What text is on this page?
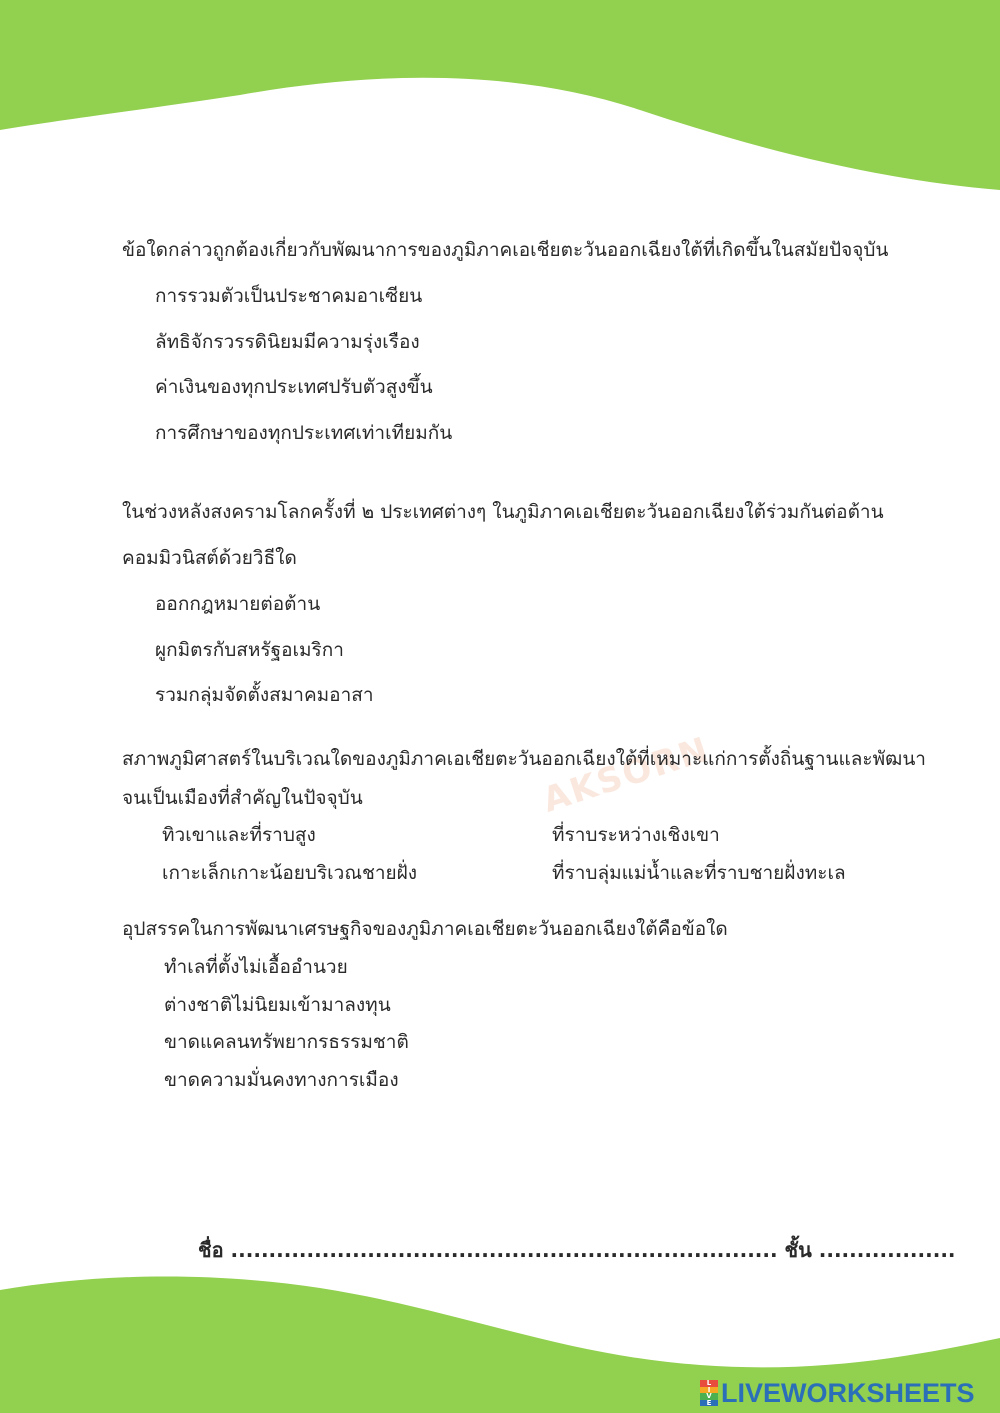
AKSORN
ข้อใดกล่าวถูกต้องเกี่ยวกับพัฒนาการของภูมิภาคเอเชียตะวันออกเฉียงใต้ที่เกิดขึ้นในสมัยปัจจุบัน
การรวมตัวเป็นประชาคมอาเซียน
ลัทธิจักรวรรดินิยมมีความรุ่งเรือง
ค่าเงินของทุกประเทศปรับตัวสูงขึ้น
การศึกษาของทุกประเทศเท่าเทียมกัน
ในช่วงหลังสงครามโลกครั้งที่ ๒ ประเทศต่างๆ ในภูมิภาคเอเชียตะวันออกเฉียงใต้ร่วมกันต่อต้าน
คอมมิวนิสต์ด้วยวิธีใด
ออกกฎหมายต่อต้าน
ผูกมิตรกับสหรัฐอเมริกา
รวมกลุ่มจัดตั้งสมาคมอาสา
สภาพภูมิศาสตร์ในบริเวณใดของภูมิภาคเอเชียตะวันออกเฉียงใต้ที่เหมาะแก่การตั้งถิ่นฐานและพัฒนา
จนเป็นเมืองที่สำคัญในปัจจุบัน
ทิวเขาและที่ราบสูง	ที่ราบระหว่างเชิงเขา
เกาะเล็กเกาะน้อยบริเวณชายฝั่ง	ที่ราบลุ่มแม่น้ำและที่ราบชายฝั่งทะเล
อุปสรรคในการพัฒนาเศรษฐกิจของภูมิภาคเอเชียตะวันออกเฉียงใต้คือข้อใด
ทำเลที่ตั้งไม่เอื้ออำนวย
ต่างชาติไม่นิยมเข้ามาลงทุน
ขาดแคลนทรัพยากรธรรมชาติ
ขาดความมั่นคงทางการเมือง
ชื่อ ........................................................................ ชั้น ..................
L
I
V
E LIVEWORKSHEETS
